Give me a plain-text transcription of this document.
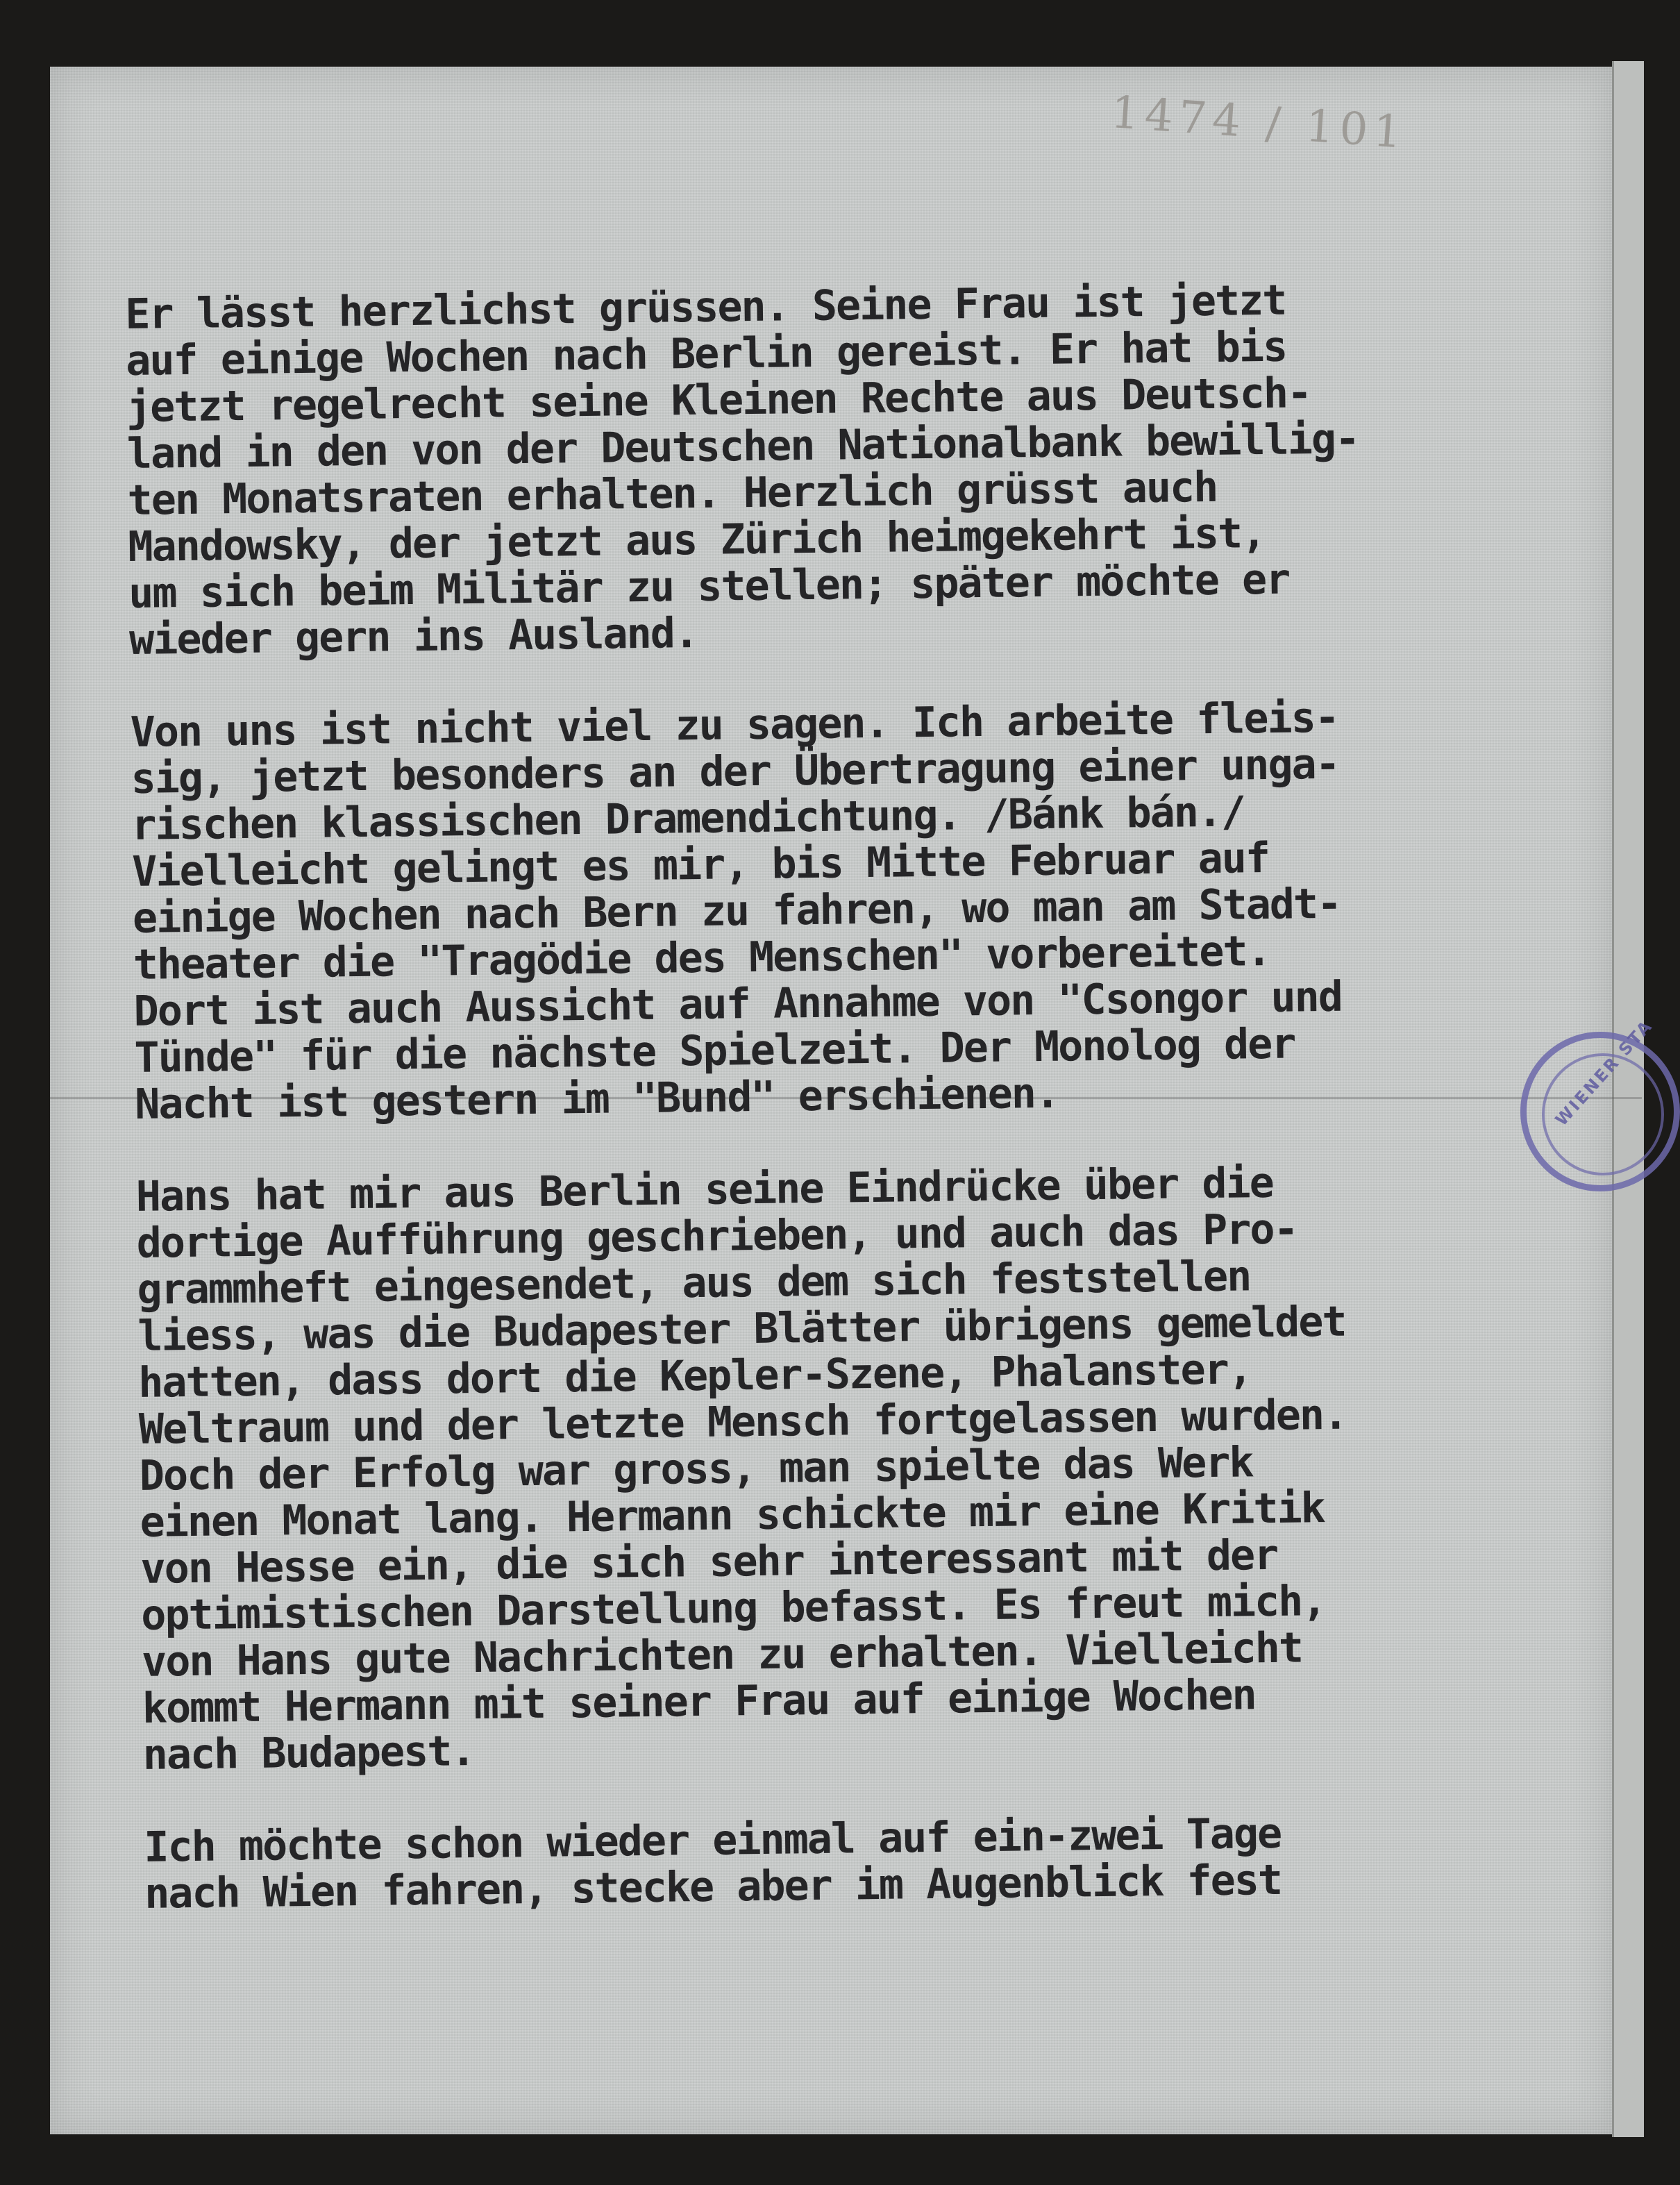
1474 / 101
Er lässt herzlichst grüssen. Seine Frau ist jetzt
auf einige Wochen nach Berlin gereist. Er hat bis
jetzt regelrecht seine Kleinen Rechte aus Deutsch-
land in den von der Deutschen Nationalbank bewillig-
ten Monatsraten erhalten. Herzlich grüsst auch
Mandowsky, der jetzt aus Zürich heimgekehrt ist,
um sich beim Militär zu stellen; später möchte er
wieder gern ins Ausland.
Von uns ist nicht viel zu sagen. Ich arbeite fleis-
sig, jetzt besonders an der Übertragung einer unga-
rischen klassischen Dramendichtung. /Bánk bán./
Vielleicht gelingt es mir, bis Mitte Februar auf
einige Wochen nach Bern zu fahren, wo man am Stadt-
theater die "Tragödie des Menschen" vorbereitet.
Dort ist auch Aussicht auf Annahme von "Csongor und
Tünde" für die nächste Spielzeit. Der Monolog der
Nacht ist gestern im "Bund" erschienen.
Hans hat mir aus Berlin seine Eindrücke über die
dortige Aufführung geschrieben, und auch das Pro-
grammheft eingesendet, aus dem sich feststellen
liess, was die Budapester Blätter übrigens gemeldet
hatten, dass dort die Kepler-Szene, Phalanster,
Weltraum und der letzte Mensch fortgelassen wurden.
Doch der Erfolg war gross, man spielte das Werk
einen Monat lang. Hermann schickte mir eine Kritik
von Hesse ein, die sich sehr interessant mit der
optimistischen Darstellung befasst. Es freut mich,
von Hans gute Nachrichten zu erhalten. Vielleicht
kommt Hermann mit seiner Frau auf einige Wochen
nach Budapest.
Ich möchte schon wieder einmal auf ein-zwei Tage
nach Wien fahren, stecke aber im Augenblick fest
WIENER STA
